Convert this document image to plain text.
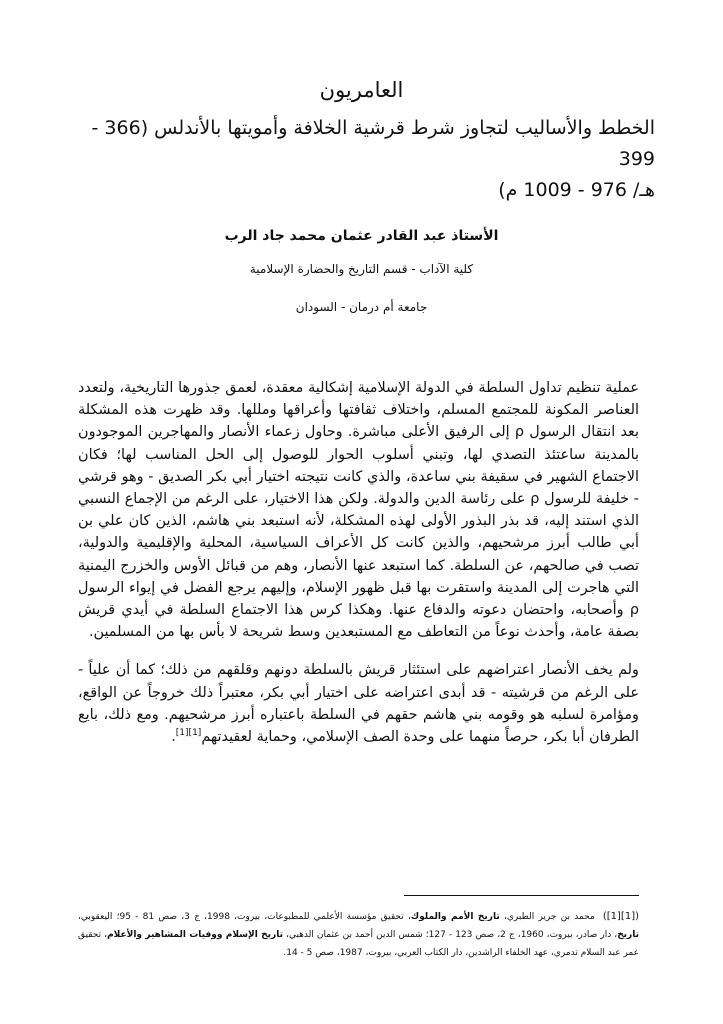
العامريون
الخطط والأساليب لتجاوز شرط قرشية الخلافة وأمويتها بالأندلس (366 - 399
هـ/ 976 - 1009 م)
الأستاذ عبد القادر عثمان محمد جاد الرب
كلية الآداب - قسم التاريخ والحضارة الإسلامية
جامعة أم درمان - السودان

عملية تنظيم تداول السلطة في الدولة الإسلامية إشكالية معقدة، لعمق جذورها التاريخية، ولتعدد العناصر المكونة للمجتمع المسلم، واختلاف ثقافتها وأعراقها ومللها. وقد ظهرت هذه المشكلة بعد انتقال الرسول ρ إلى الرفيق الأعلى مباشرة. وحاول زعماء الأنصار والمهاجرين الموجودون بالمدينة ساعتئذ التصدي لها، وتبني أسلوب الحوار للوصول إلى الحل المناسب لها؛ فكان الاجتماع الشهير في سقيفة بني ساعدة، والذي كانت نتيجته اختيار أبي بكر الصديق - وهو قرشي - خليفة للرسول ρ على رئاسة الدين والدولة. ولكن هذا الاختيار، على الرغم من الإجماع النسبي الذي استند إليه، قد بذر البذور الأولى لهذه المشكلة، لأنه استبعد بني هاشم، الذين كان علي بن أبي طالب أبرز مرشحيهم، والذين كانت كل الأعراف السياسية، المحلية والإقليمية والدولية، تصب في صالحهم، عن السلطة. كما استبعد عنها الأنصار، وهم من قبائل الأوس والخزرج اليمنية التي هاجرت إلى المدينة واستقرت بها قبل ظهور الإسلام، وإليهم يرجع الفضل في إيواء الرسول ρ وأصحابه، واحتضان دعوته والدفاع عنها. وهكذا كرس هذا الاجتماع السلطة في أيدي قريش بصفة عامة، وأحدث نوعاً من التعاطف مع المستبعدين وسط شريحة لا بأس بها من المسلمين.

ولم يخف الأنصار اعتراضهم على استئثار قريش بالسلطة دونهم وقلقهم من ذلك؛ كما أن علياً - على الرغم من قرشيته - قد أبدى اعتراضه على اختيار أبي بكر، معتبراً ذلك خروجاً عن الواقع، ومؤامرة لسلبه هو وقومه بني هاشم حقهم في السلطة باعتباره أبرز مرشحيهم. ومع ذلك، بايع الطرفان أبا بكر، حرصاً منهما على وحدة الصف الإسلامي، وحماية لعقيدتهم[1][1].

([1][1])محمد بن جرير الطبري، تاريخ الأمم والملوك، تحقيق مؤسسة الأعلمي للمطبوعات، بيروت، 1998، ج 3، صص 81 - 95؛ اليعقوبي، تاريخ، دار صادر، بيروت، 1960، ج 2، صص 123 - 127؛ شمس الدين أحمد بن عثمان الذهبي، تاريخ الإسلام ووفيات المشاهير والأعلام، تحقيق عمر عبد السلام تدمري، عهد الخلفاء الراشدين، دار الكتاب العربي، بيروت، 1987، صص 5 - 14.
